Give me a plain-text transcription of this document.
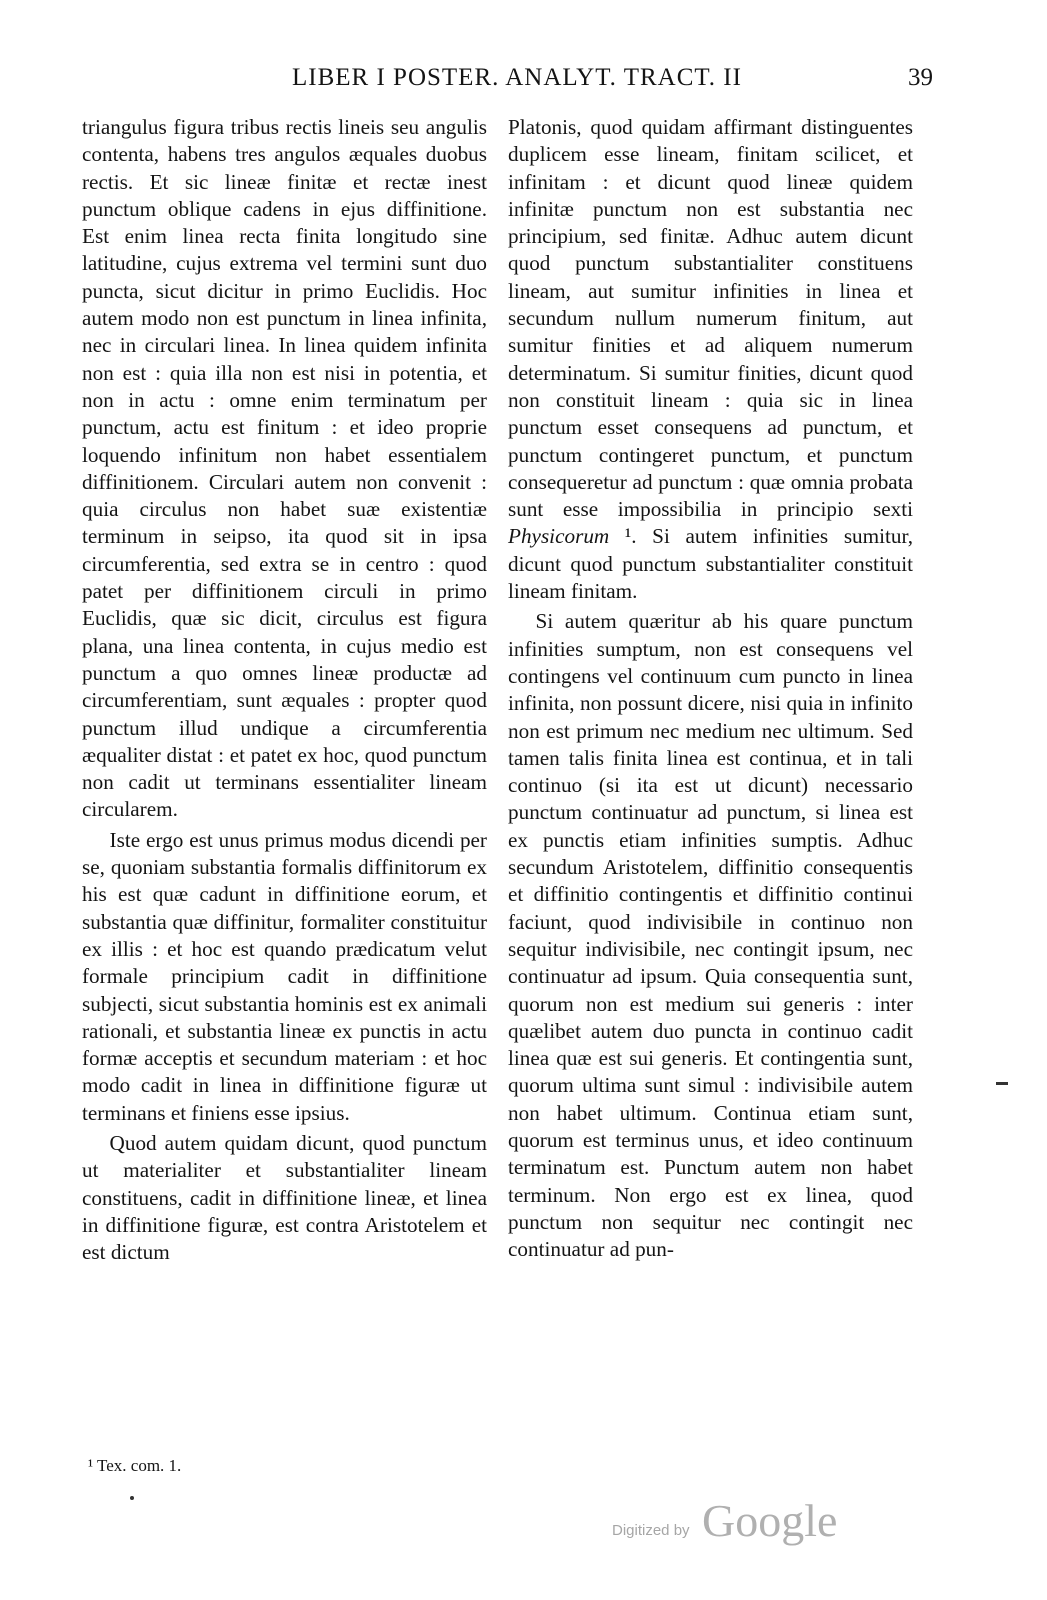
LIBER I POSTER. ANALYT. TRACT. II	39

triangulus figura tribus rectis lineis seu angulis contenta, habens tres angulos æquales duobus rectis. Et sic lineæ finitæ et rectæ inest punctum oblique cadens in ejus diffinitione. Est enim linea recta finita longitudo sine latitudine, cujus extrema vel termini sunt duo puncta, sicut dicitur in primo Euclidis. Hoc autem modo non est punctum in linea infinita, nec in circulari linea. In linea quidem infinita non est : quia illa non est nisi in potentia, et non in actu : omne enim terminatum per punctum, actu est finitum : et ideo proprie loquendo infinitum non habet essentialem diffinitionem. Circulari autem non convenit : quia circulus non habet suæ existentiæ terminum in seipso, ita quod sit in ipsa circumferentia, sed extra se in centro : quod patet per diffinitionem circuli in primo Euclidis, quæ sic dicit, circulus est figura plana, una linea contenta, in cujus medio est punctum a quo omnes lineæ productæ ad circumferentiam, sunt æquales : propter quod punctum illud undique a circumferentia æqualiter distat : et patet ex hoc, quod punctum non cadit ut terminans essentialiter lineam circularem.

Iste ergo est unus primus modus dicendi per se, quoniam substantia formalis diffinitorum ex his est quæ cadunt in diffinitione eorum, et substantia quæ diffinitur, formaliter constituitur ex illis : et hoc est quando prædicatum velut formale principium cadit in diffinitione subjecti, sicut substantia hominis est ex animali rationali, et substantia lineæ ex punctis in actu formæ acceptis et secundum materiam : et hoc modo cadit in linea in diffinitione figuræ ut terminans et finiens esse ipsius.

Quod autem quidam dicunt, quod punctum ut materialiter et substantialiter lineam constituens, cadit in diffinitione lineæ, et linea in diffinitione figuræ, est contra Aristotelem et est dictum

Platonis, quod quidam affirmant distinguentes duplicem esse lineam, finitam scilicet, et infinitam : et dicunt quod lineæ quidem infinitæ punctum non est substantia nec principium, sed finitæ. Adhuc autem dicunt quod punctum substantialiter constituens lineam, aut sumitur infinities in linea et secundum nullum numerum finitum, aut sumitur finities et ad aliquem numerum determinatum. Si sumitur finities, dicunt quod non constituit lineam : quia sic in linea punctum esset consequens ad punctum, et punctum contingeret punctum, et punctum consequeretur ad punctum : quæ omnia probata sunt esse impossibilia in principio sexti Physicorum ¹. Si autem infinities sumitur, dicunt quod punctum substantialiter constituit lineam finitam.

Si autem quæritur ab his quare punctum infinities sumptum, non est consequens vel contingens vel continuum cum puncto in linea infinita, non possunt dicere, nisi quia in infinito non est primum nec medium nec ultimum. Sed tamen talis finita linea est continua, et in tali continuo (si ita est ut dicunt) necessario punctum continuatur ad punctum, si linea est ex punctis etiam infinities sumptis. Adhuc secundum Aristotelem, diffinitio consequentis et diffinitio contingentis et diffinitio continui faciunt, quod indivisibile in continuo non sequitur indivisibile, nec contingit ipsum, nec continuatur ad ipsum. Quia consequentia sunt, quorum non est medium sui generis : inter quælibet autem duo puncta in continuo cadit linea quæ est sui generis. Et contingentia sunt, quorum ultima sunt simul : indivisibile autem non habet ultimum. Continua etiam sunt, quorum est terminus unus, et ideo continuum terminatum est. Punctum autem non habet terminum. Non ergo est ex linea, quod punctum non sequitur nec contingit nec continuatur ad pun-

¹ Tex. com. 1.
Digitized by Google
